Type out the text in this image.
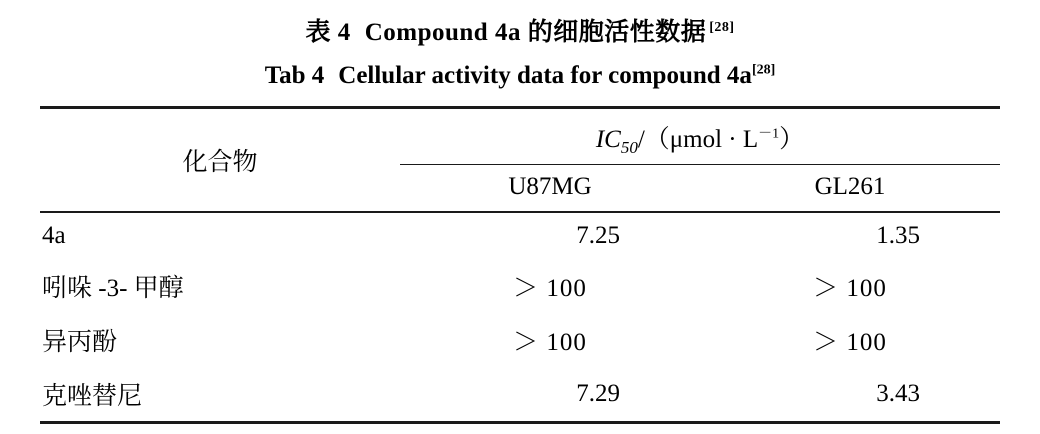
表 4 Compound 4a 的细胞活性数据 [28]
Tab 4 Cellular activity data for compound 4a[28]

化合物	$IC_{50}/(\mu mol \cdot L^{-1})$	

	U87MG	GL261

4a	7.25	1.35
吲哚 -3- 甲醇	＞ 100	＞ 100
异丙酚	＞ 100	＞ 100
克唑替尼	7.29	3.43
